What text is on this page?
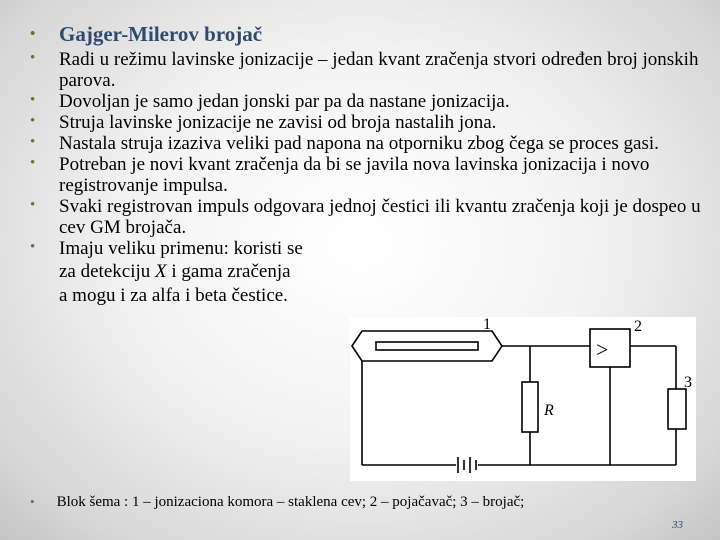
• Gajger-Milerov brojač
• Radi u režimu lavinske jonizacije – jedan kvant zračenja stvori određen broj jonskih parova.
• Dovoljan je samo jedan jonski par pa da nastane jonizacija.
• Struja lavinske jonizacije ne zavisi od broja nastalih jona.
• Nastala struja izaziva veliki pad napona na otporniku zbog čega se proces gasi.
• Potreban je novi kvant zračenja da bi se javila nova lavinska jonizacija i novo registrovanje impulsa.
• Svaki registrovan impuls odgovara jednoj čestici ili kvantu zračenja koji je dospeo u cev GM brojača.
• Imaju veliku primenu: koristi se
za detekciju X i gama zračenja
a mogu i za alfa i beta čestice.
>
1	2
3
R
• Blok šema : 1 – jonizaciona komora – staklena cev; 2 – pojačavač; 3 – brojač;
33
